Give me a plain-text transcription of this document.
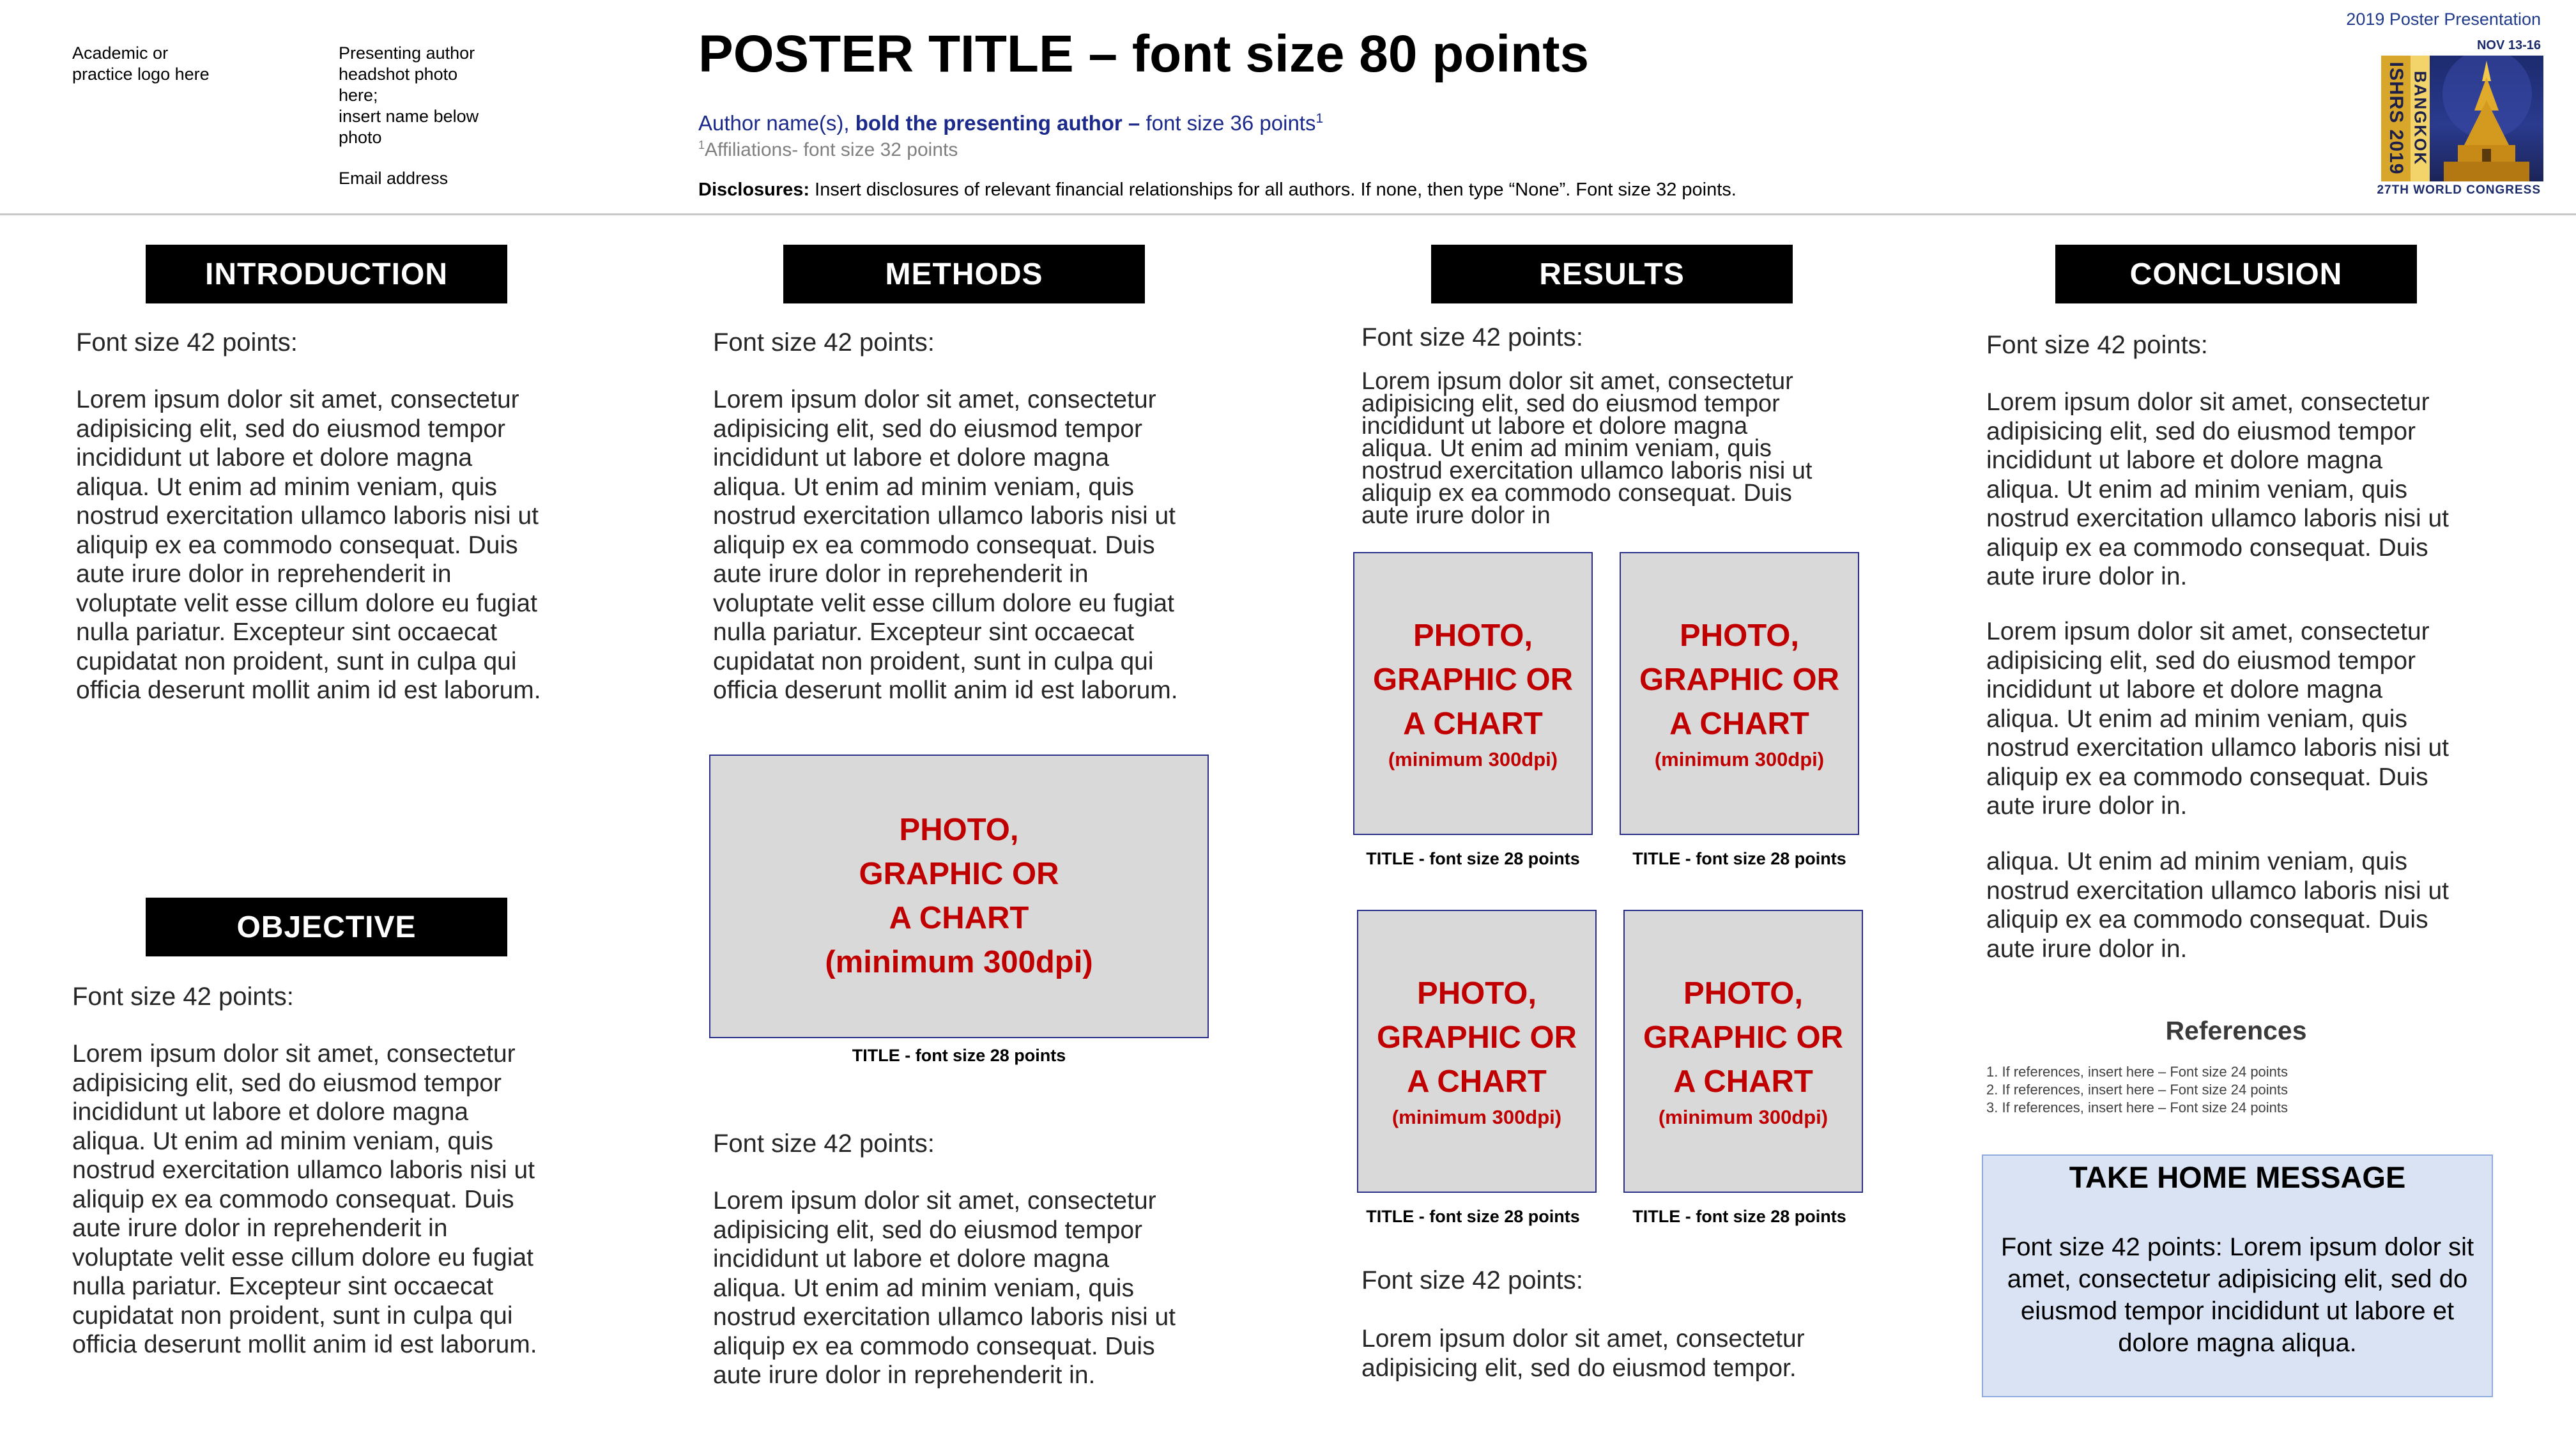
Academic or
practice logo here
Presenting author
headshot photo
here;
insert name below
photo
Email address
POSTER TITLE – font size 80 points
Author name(s), bold the presenting author – font size 36 points$^1$
$^1$Affiliations- font size 32 points
Disclosures: Insert disclosures of relevant financial relationships for all authors. If none, then type “None”. Font size 32 points.
2019 Poster Presentation
NOV 13-16
ISHRS 2019 BANGKOK
27TH WORLD CONGRESS
INTRODUCTION
Font size 42 points:
Lorem ipsum dolor sit amet, consectetur
adipisicing elit, sed do eiusmod tempor
incididunt ut labore et dolore magna
aliqua. Ut enim ad minim veniam, quis
nostrud exercitation ullamco laboris nisi ut
aliquip ex ea commodo consequat. Duis
aute irure dolor in reprehenderit in
voluptate velit esse cillum dolore eu fugiat
nulla pariatur. Excepteur sint occaecat
cupidatat non proident, sunt in culpa qui
officia deserunt mollit anim id est laborum.
OBJECTIVE
Font size 42 points:
Lorem ipsum dolor sit amet, consectetur
adipisicing elit, sed do eiusmod tempor
incididunt ut labore et dolore magna
aliqua. Ut enim ad minim veniam, quis
nostrud exercitation ullamco laboris nisi ut
aliquip ex ea commodo consequat. Duis
aute irure dolor in reprehenderit in
voluptate velit esse cillum dolore eu fugiat
nulla pariatur. Excepteur sint occaecat
cupidatat non proident, sunt in culpa qui
officia deserunt mollit anim id est laborum.
METHODS
Font size 42 points:
Lorem ipsum dolor sit amet, consectetur
adipisicing elit, sed do eiusmod tempor
incididunt ut labore et dolore magna
aliqua. Ut enim ad minim veniam, quis
nostrud exercitation ullamco laboris nisi ut
aliquip ex ea commodo consequat. Duis
aute irure dolor in reprehenderit in
voluptate velit esse cillum dolore eu fugiat
nulla pariatur. Excepteur sint occaecat
cupidatat non proident, sunt in culpa qui
officia deserunt mollit anim id est laborum.
PHOTO,
GRAPHIC OR
A CHART
(minimum 300dpi)
TITLE - font size 28 points
Font size 42 points:
Lorem ipsum dolor sit amet, consectetur
adipisicing elit, sed do eiusmod tempor
incididunt ut labore et dolore magna
aliqua. Ut enim ad minim veniam, quis
nostrud exercitation ullamco laboris nisi ut
aliquip ex ea commodo consequat. Duis
aute irure dolor in reprehenderit in.
RESULTS
Font size 42 points:
Lorem ipsum dolor sit amet, consectetur
adipisicing elit, sed do eiusmod tempor
incididunt ut labore et dolore magna
aliqua. Ut enim ad minim veniam, quis
nostrud exercitation ullamco laboris nisi ut
aliquip ex ea commodo consequat. Duis
aute irure dolor in
PHOTO,
GRAPHIC OR
A CHART
(minimum 300dpi)
TITLE - font size 28 points
PHOTO,
GRAPHIC OR
A CHART
(minimum 300dpi)
TITLE - font size 28 points
PHOTO,
GRAPHIC OR
A CHART
(minimum 300dpi)
TITLE - font size 28 points
PHOTO,
GRAPHIC OR
A CHART
(minimum 300dpi)
TITLE - font size 28 points
Font size 42 points:
Lorem ipsum dolor sit amet, consectetur
adipisicing elit, sed do eiusmod tempor.
CONCLUSION
Font size 42 points:
Lorem ipsum dolor sit amet, consectetur
adipisicing elit, sed do eiusmod tempor
incididunt ut labore et dolore magna
aliqua. Ut enim ad minim veniam, quis
nostrud exercitation ullamco laboris nisi ut
aliquip ex ea commodo consequat. Duis
aute irure dolor in.
Lorem ipsum dolor sit amet, consectetur
adipisicing elit, sed do eiusmod tempor
incididunt ut labore et dolore magna
aliqua. Ut enim ad minim veniam, quis
nostrud exercitation ullamco laboris nisi ut
aliquip ex ea commodo consequat. Duis
aute irure dolor in.
aliqua. Ut enim ad minim veniam, quis
nostrud exercitation ullamco laboris nisi ut
aliquip ex ea commodo consequat. Duis
aute irure dolor in.
References
1. If references, insert here – Font size 24 points
2. If references, insert here – Font size 24 points
3. If references, insert here – Font size 24 points
TAKE HOME MESSAGE
Font size 42 points: Lorem ipsum dolor sit
amet, consectetur adipisicing elit, sed do
eiusmod tempor incididunt ut labore et
dolore magna aliqua.
